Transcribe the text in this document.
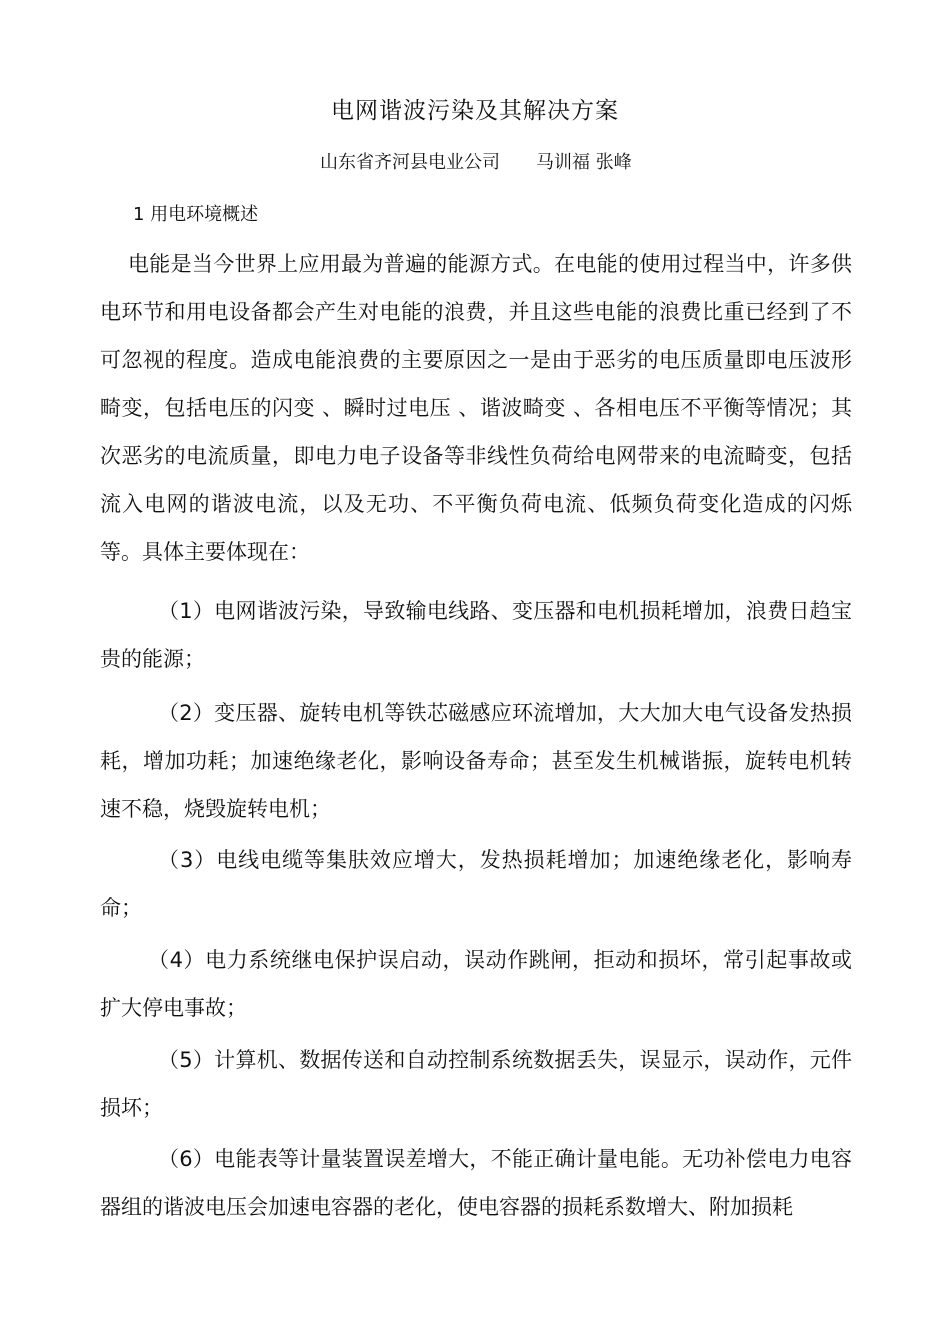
电网谐波污染及其解决方案
山东省齐河县电业公司 马训福 张峰
1 用电环境概述

电能是当今世界上应用最为普遍的能源方式。在电能的使用过程当中，许多供电环节和用电设备都会产生对电能的浪费，并且这些电能的浪费比重已经到了不可忽视的程度。造成电能浪费的主要原因之一是由于恶劣的电压质量即电压波形畸变，包括电压的闪变 、瞬时过电压 、谐波畸变 、各相电压不平衡等情况；其次恶劣的电流质量，即电力电子设备等非线性负荷给电网带来的电流畸变，包括流入电网的谐波电流，以及无功、不平衡负荷电流、低频负荷变化造成的闪烁等。具体主要体现在：

（1）电网谐波污染，导致输电线路、变压器和电机损耗增加，浪费日趋宝贵的能源；

（2）变压器、旋转电机等铁芯磁感应环流增加，大大加大电气设备发热损耗，增加功耗；加速绝缘老化，影响设备寿命；甚至发生机械谐振，旋转电机转速不稳，烧毁旋转电机；

（3）电线电缆等集肤效应增大，发热损耗增加；加速绝缘老化，影响寿命；

（4）电力系统继电保护误启动，误动作跳闸，拒动和损坏，常引起事故或扩大停电事故；

（5）计算机、数据传送和自动控制系统数据丢失，误显示，误动作，元件损坏；

（6）电能表等计量装置误差增大，不能正确计量电能。无功补偿电力电容器组的谐波电压会加速电容器的老化，使电容器的损耗系数增大、附加损耗
